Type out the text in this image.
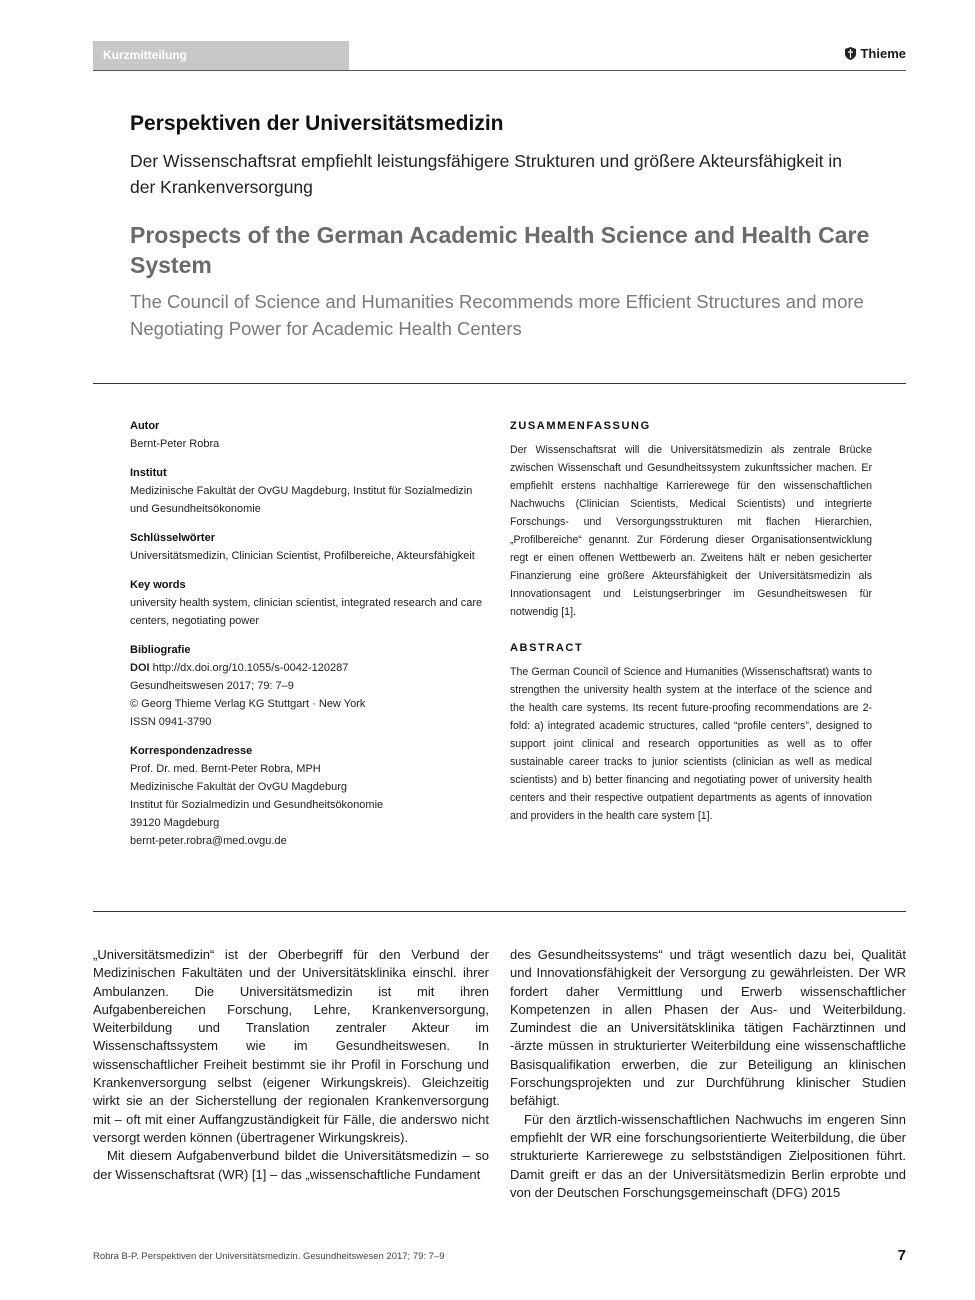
Kurzmitteilung	Thieme
Perspektiven der Universitätsmedizin
Der Wissenschaftsrat empfiehlt leistungsfähigere Strukturen und größere Akteursfähigkeit in der Krankenversorgung
Prospects of the German Academic Health Science and Health Care System
The Council of Science and Humanities Recommends more Efficient Structures and more Negotiating Power for Academic Health Centers
Autor
Bernt-Peter Robra
Institut
Medizinische Fakultät der OvGU Magdeburg, Institut für Sozialmedizin und Gesundheitsökonomie
Schlüsselwörter
Universitätsmedizin, Clinician Scientist, Profilbereiche, Akteursfähigkeit
Key words
university health system, clinician scientist, integrated research and care centers, negotiating power
Bibliografie
DOI http://dx.doi.org/10.1055/s-0042-120287
Gesundheitswesen 2017; 79: 7–9
© Georg Thieme Verlag KG Stuttgart · New York
ISSN 0941-3790
Korrespondenzadresse
Prof. Dr. med. Bernt-Peter Robra, MPH
Medizinische Fakultät der OvGU Magdeburg
Institut für Sozialmedizin und Gesundheitsökonomie
39120 Magdeburg
bernt-peter.robra@med.ovgu.de
ZUSAMMENFASSUNG

Der Wissenschaftsrat will die Universitätsmedizin als zentrale Brücke zwischen Wissenschaft und Gesundheitssystem zukunftssicher machen. Er empfiehlt erstens nachhaltige Karrierewege für den wissenschaftlichen Nachwuchs (Clinician Scientists, Medical Scientists) und integrierte Forschungs- und Versorgungsstrukturen mit flachen Hierarchien, „Profilbereiche“ genannt. Zur Förderung dieser Organisationsentwicklung regt er einen offenen Wettbewerb an. Zweitens hält er neben gesicherter Finanzierung eine größere Akteursfähigkeit der Universitätsmedizin als Innovationsagent und Leistungserbringer im Gesundheitswesen für notwendig [1].

ABSTRACT

The German Council of Science and Humanities (Wissenschaftsrat) wants to strengthen the university health system at the interface of the science and the health care systems. Its recent future-proofing recommendations are 2-fold: a) integrated academic structures, called “profile centers”, designed to support joint clinical and research opportunities as well as to offer sustainable career tracks to junior scientists (clinician as well as medical scientists) and b) better financing and negotiating power of university health centers and their respective outpatient departments as agents of innovation and providers in the health care system [1].

„Universitätsmedizin“ ist der Oberbegriff für den Verbund der Medizinischen Fakultäten und der Universitätsklinika einschl. ihrer Ambulanzen. Die Universitätsmedizin ist mit ihren Aufgabenbereichen Forschung, Lehre, Krankenversorgung, Weiterbildung und Translation zentraler Akteur im Wissenschaftssystem wie im Gesundheitswesen. In wissenschaftlicher Freiheit bestimmt sie ihr Profil in Forschung und Krankenversorgung selbst (eigener Wirkungskreis). Gleichzeitig wirkt sie an der Sicherstellung der regionalen Krankenversorgung mit – oft mit einer Auffangzuständigkeit für Fälle, die anderswo nicht versorgt werden können (übertragener Wirkungskreis).

Mit diesem Aufgabenverbund bildet die Universitätsmedizin – so der Wissenschaftsrat (WR) [1] – das „wissenschaftliche Fundament

des Gesundheitssystems“ und trägt wesentlich dazu bei, Qualität und Innovationsfähigkeit der Versorgung zu gewährleisten. Der WR fordert daher Vermittlung und Erwerb wissenschaftlicher Kompetenzen in allen Phasen der Aus- und Weiterbildung. Zumindest die an Universitätsklinika tätigen Fachärztinnen und -ärzte müssen in strukturierter Weiterbildung eine wissenschaftliche Basisqualifikation erwerben, die zur Beteiligung an klinischen Forschungsprojekten und zur Durchführung klinischer Studien befähigt.

Für den ärztlich-wissenschaftlichen Nachwuchs im engeren Sinn empfiehlt der WR eine forschungsorientierte Weiterbildung, die über strukturierte Karrierewege zu selbstständigen Zielpositionen führt. Damit greift er das an der Universitätsmedizin Berlin erprobte und von der Deutschen Forschungsgemeinschaft (DFG) 2015

Robra B-P. Perspektiven der Universitätsmedizin. Gesundheitswesen 2017; 79: 7–9	7
